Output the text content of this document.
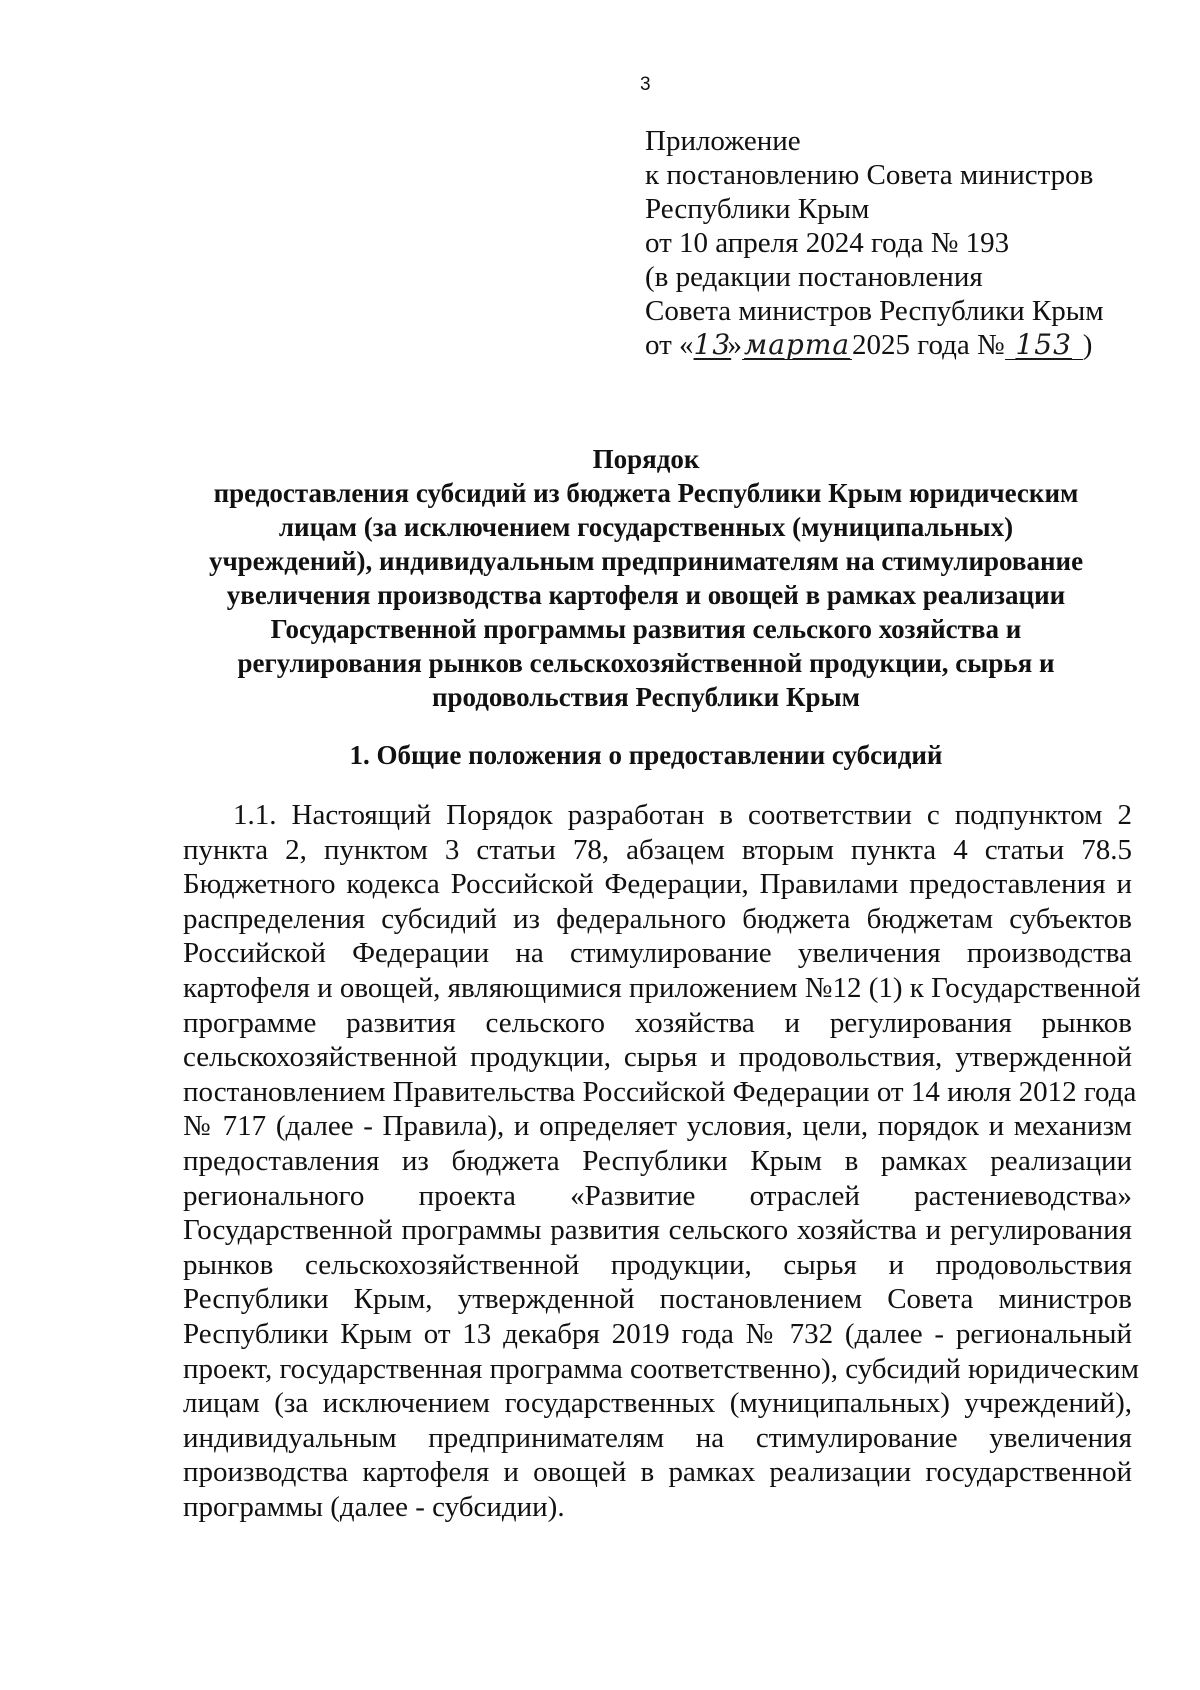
3
Приложение
к постановлению Совета министров
Республики Крым
от 10 апреля 2024 года № 193
(в редакции постановления
Совета министров Республики Крым
от «13»марта2025 года № 153 )
Порядок
предоставления субсидий из бюджета Республики Крым юридическим
лицам (за исключением государственных (муниципальных)
учреждений), индивидуальным предпринимателям на стимулирование
увеличения производства картофеля и овощей в рамках реализации
Государственной программы развития сельского хозяйства и
регулирования рынков сельскохозяйственной продукции, сырья и
продовольствия Республики Крым
1. Общие положения о предоставлении субсидий
1.1. Настоящий Порядок разработан в соответствии с подпунктом 2
пункта 2, пунктом 3 статьи 78, абзацем вторым пункта 4 статьи 78.5
Бюджетного кодекса Российской Федерации, Правилами предоставления и
распределения субсидий из федерального бюджета бюджетам субъектов
Российской Федерации на стимулирование увеличения производства
картофеля и овощей, являющимися приложением №12 (1) к Государственной
программе развития сельского хозяйства и регулирования рынков
сельскохозяйственной продукции, сырья и продовольствия, утвержденной
постановлением Правительства Российской Федерации от 14 июля 2012 года
№ 717 (далее - Правила), и определяет условия, цели, порядок и механизм
предоставления из бюджета Республики Крым в рамках реализации
регионального проекта «Развитие отраслей растениеводства»
Государственной программы развития сельского хозяйства и регулирования
рынков сельскохозяйственной продукции, сырья и продовольствия
Республики Крым, утвержденной постановлением Совета министров
Республики Крым от 13 декабря 2019 года № 732 (далее - региональный
проект, государственная программа соответственно), субсидий юридическим
лицам (за исключением государственных (муниципальных) учреждений),
индивидуальным предпринимателям на стимулирование увеличения
производства картофеля и овощей в рамках реализации государственной
программы (далее - субсидии).
